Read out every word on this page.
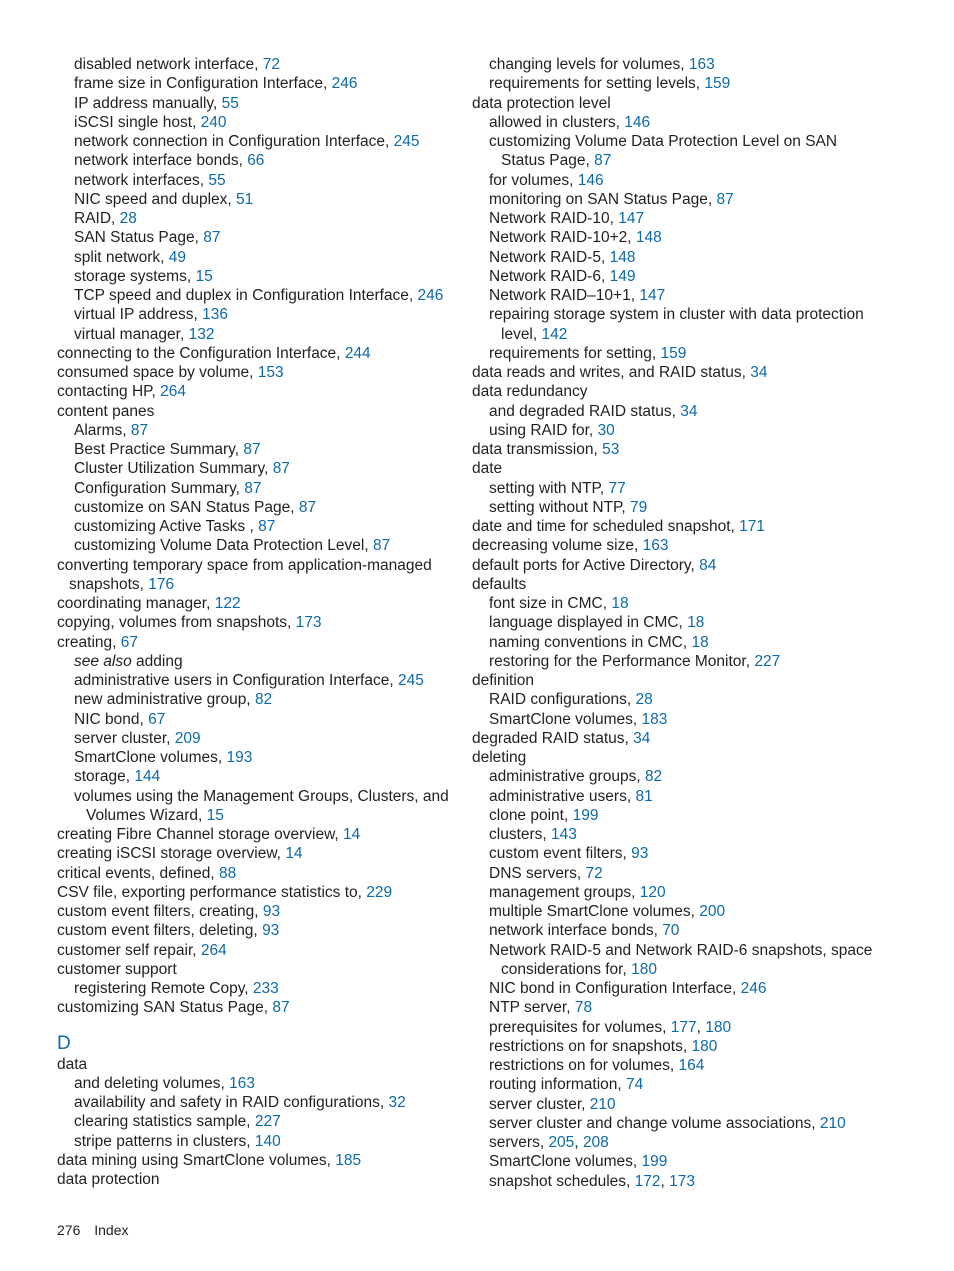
disabled network interface, 72
frame size in Configuration Interface, 246
IP address manually, 55
iSCSI single host, 240
network connection in Configuration Interface, 245
network interface bonds, 66
network interfaces, 55
NIC speed and duplex, 51
RAID, 28
SAN Status Page, 87
split network, 49
storage systems, 15
TCP speed and duplex in Configuration Interface, 246
virtual IP address, 136
virtual manager, 132
connecting to the Configuration Interface, 244
consumed space by volume, 153
contacting HP, 264
content panes
Alarms, 87
Best Practice Summary, 87
Cluster Utilization Summary, 87
Configuration Summary, 87
customize on SAN Status Page, 87
customizing Active Tasks , 87
customizing Volume Data Protection Level, 87
converting temporary space from application-managed snapshots, 176
coordinating manager, 122
copying, volumes from snapshots, 173
creating, 67
see also adding
administrative users in Configuration Interface, 245
new administrative group, 82
NIC bond, 67
server cluster, 209
SmartClone volumes, 193
storage, 144
volumes using the Management Groups, Clusters, and Volumes Wizard, 15
creating Fibre Channel storage overview, 14
creating iSCSI storage overview, 14
critical events, defined, 88
CSV file, exporting performance statistics to, 229
custom event filters, creating, 93
custom event filters, deleting, 93
customer self repair, 264
customer support
registering Remote Copy, 233
customizing SAN Status Page, 87
D
data
and deleting volumes, 163
availability and safety in RAID configurations, 32
clearing statistics sample, 227
stripe patterns in clusters, 140
data mining using SmartClone volumes, 185
data protection
changing levels for volumes, 163
requirements for setting levels, 159
data protection level
allowed in clusters, 146
customizing Volume Data Protection Level on SAN Status Page, 87
for volumes, 146
monitoring on SAN Status Page, 87
Network RAID-10, 147
Network RAID-10+2, 148
Network RAID-5, 148
Network RAID-6, 149
Network RAID–10+1, 147
repairing storage system in cluster with data protection level, 142
requirements for setting, 159
data reads and writes, and RAID status, 34
data redundancy
and degraded RAID status, 34
using RAID for, 30
data transmission, 53
date
setting with NTP, 77
setting without NTP, 79
date and time for scheduled snapshot, 171
decreasing volume size, 163
default ports for Active Directory, 84
defaults
font size in CMC, 18
language displayed in CMC, 18
naming conventions in CMC, 18
restoring for the Performance Monitor, 227
definition
RAID configurations, 28
SmartClone volumes, 183
degraded RAID status, 34
deleting
administrative groups, 82
administrative users, 81
clone point, 199
clusters, 143
custom event filters, 93
DNS servers, 72
management groups, 120
multiple SmartClone volumes, 200
network interface bonds, 70
Network RAID-5 and Network RAID-6 snapshots, space considerations for, 180
NIC bond in Configuration Interface, 246
NTP server, 78
prerequisites for volumes, 177, 180
restrictions on for snapshots, 180
restrictions on for volumes, 164
routing information, 74
server cluster, 210
server cluster and change volume associations, 210
servers, 205, 208
SmartClone volumes, 199
snapshot schedules, 172, 173
276 Index
